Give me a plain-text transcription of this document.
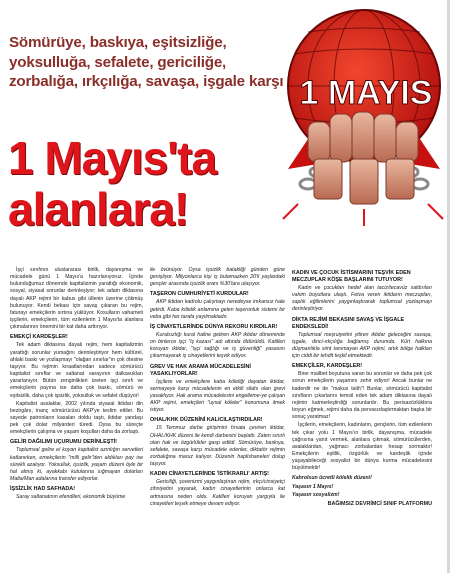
Sömürüye, baskıya, eşitsizliğe,
yoksulluğa, sefalete, gericiliğe,
zorbalığa, ırkçılığa, savaşa, işgale karşı
1 Mayıs'ta
alanlara!
1 MAYIS

İşçi sınıfının uluslararası birlik, dayanışma ve mücadele günü 1 Mayıs'a hazırlanıyoruz. İçinde bulunduğumuz dönemde kapitalizmin yarattığı ekonomik, sosyal, siyasal sorunlar derinleşiyor; tek adam diktasına dayalı AKP rejimi bir kabus gibi üllenin üzerine çökmüş bulunuyor. Kendi bekası için savaş çıkaran bu rejim, faturayı emekçilerin sırtına yüklüyor. Kosulların vahameti işçilerin, emekçilerin, tüm ezilenlerin 1 Mayıs'ta alanlara çıkmalarının önemini bir kat daha arttırıyor.

EMEKÇİ KARDEŞLER!

Tek adam diktasına dayalı rejim, hem kapitalizmin yarattığı sorunlar yumağını derinleştiriyor hem kültürel, ahlaki baskı ve yozlaşmayı "olağan sınırlar"ın çok ötesine taşıyor. Bu rejimin kıraatlarından sadece sömürücü kapitalist sınıflar ve saltanat sarayının dalkavukları yararlanıyor. Bütün zenginlikleri üreten işçi sınıfı ve emekçilerin payına ise daha çok baskı, sömürü ve eşitsizlik, daha çok işsizlik, yoksulluk ve sefalet düşüyor!

Kapitalist asalaklar, 2002 yılında siyasal iktidarı din bezirgânı, inanç sömürücüsü AKP'ye teslim ettiler. Bu sayede patronların kasaları doldu taştı, iktidar yandaşı pek çok dolar milyarderi türedi. Oysa bu süreçte emekçilerin çalışma ve yaşam koşulları daha da zorlaştı.

GELİR DAĞILIMI UÇURUMU DERİNLEŞTİ!

Toplumsal gelire el koyan kapitalist azınlığın servetleri katlanırken, emekçilerin "milli gelir"den aldıkları pay ise sürekli azalıyor. Yoksulluk, işsizlik, yaşam düzeni öyle bir hal almış ki, ayakkabı kutularına sığmayan dolarları Malta/Man adalarına transfer ediyorlar.

İŞSİZLİK HAD SAFHADA!

Saray saltanatının efendileri, ekonomik büyüme

ile övünüyor. Oysa işsizlik batakliği günden güne genişliyor. Milyonlarca kişi iş bulamazken 20'li yaşlardaki gençler arasında işsizlik oranı %30'lara ulaşıyor.

TAŞERON CUMHURİYETİ KURDULAR!

AKP iktidarı kadrolu çalışmayı neredeyse imkansız hale getirdi. Kaba kölelik anlamına gelen taşeronluk sistemi bir veba gibi her tarafa yayılmaktadır.

İŞ CİNAYETLERİNDE DÜNYA REKORU KIRDILAR!

Kuralsızlığı kural haline getiren AKP iktidar döneminde on binlerce işçi "iş kazası" adı altında öldürüldü. Katilleri koruyan iktidar, "işçi sağlığı ve iş güvenliği" yasasını çıkarmayarak iş cinayetlerini teşvik ediyor.

GREV VE HAK ARAMA MÜCADELESİNİ YASAKLIYORLAR!

İşçilere ve emekçilere kaba köleliği dayatan iktidar, sermayeye karşı mücadelenin en etkili silahı olan grevi yasaklıyor. Hak arama mücadelesini engelleme-ye çalışan AKP rejimi, emekçileri "uysal köleler" konumuna itmek istiyor.

OHAL/KHK DÜZENİNİ KALICILAŞTIRDILAR!

15 Temmuz darbe girişimini fırsata çeviren iktidar, OHAL/KHK düzeni ile kendi darbesini başlattı. Zaten sınırlı olan hak ve özgürlükler gasp edildi. Sömürüye, baskıya, sefalete, savaşa karşı mücadele edenler, diktatör rejimin zorbalığına maruz kalıyor. Düzenin haplishaneleri dolup taşıyor.

KADIN CİNAYETLERİNDE 'İSTİKRARLI' ARTIŞ!

Gericiliği, şovenizmi yaygınlaştıran rejim, ırkçı/cinsiyetçi zihniyetini yayarak, kadın cinayetlerinin onlarca kat artmasına neden oldu. Katilleri koruyan yargıyla ile cinayetleri teşvik etmeye devam ediyor.

KADIN VE ÇOCUK İSTİSMARINI TEŞVİK EDEN MECZUPLAR KÖŞE BAŞLARINI TUTUYOR!

Kadın ve çocukları hedef alan taciz/tecavüz saldırıları vahim boyutlara ulaştı. Fetva veren iktidarın meczupları, saplık eğilimlerini yaygınlaştırarak toplumsal yozlaşmayı derinleştiriyor.

DİKTA REJİMİ BEKASINI SAVAŞ VE İŞGALE ENDEKSLEDİ!

Toplumsal meşruiyetini yitiren iktidar geleceğini savaşa, işgale, dinci-ırkçılığa bağlamış durumda. Kürt halkına düşmanlıkla simt tanımayan AKP rejimi, artık bölge halkları için ciddi bir tehdit teşkil etmektedir.

EMEKÇİLER, KARDEŞLER!

Birer mailbet boyutuna varan bu sorunlar ve daha pek çok sorun emekçilerin yaşamını zehir ediyor! Ancak bunlar ne kaderdir ne de "makus talih"! Bunlar, sömürücü kapitalist sınıfların çıkarlarını temsil eden tek adam diktasına dayalı rejimin katmerleştirdiği sorunlardır. Bu perisasözlükbıra boyun eğmek, rejimi daha da pervasızlaştırmaktan başka bir sonuç yaratmaz!

İşçilerin, emekçilerin, kadınların, gençlerin, tüm ezilenlerin tek çıkar yolu 1 Mayıs'ın birlik, dayanışma, mücadele çağrısına yanıt vermek, alanlara çıkmak, sömürücülerden, asalaklardan, yağmacı zorbalardan hesap sormaktır! Emekçilerin eşitlik, özgürlük ve kardeşlik içinde yaşayabileceği sosyalist bir dünya kurma mücadelesini büyütmektir!

Kahrolsun ücretli kölelik düzeni!

Yaşasın 1 Mayıs!

Yaşasın sosyalizm!

BAĞIMSIZ DEVRİMCİ SINIF PLATFORMU
